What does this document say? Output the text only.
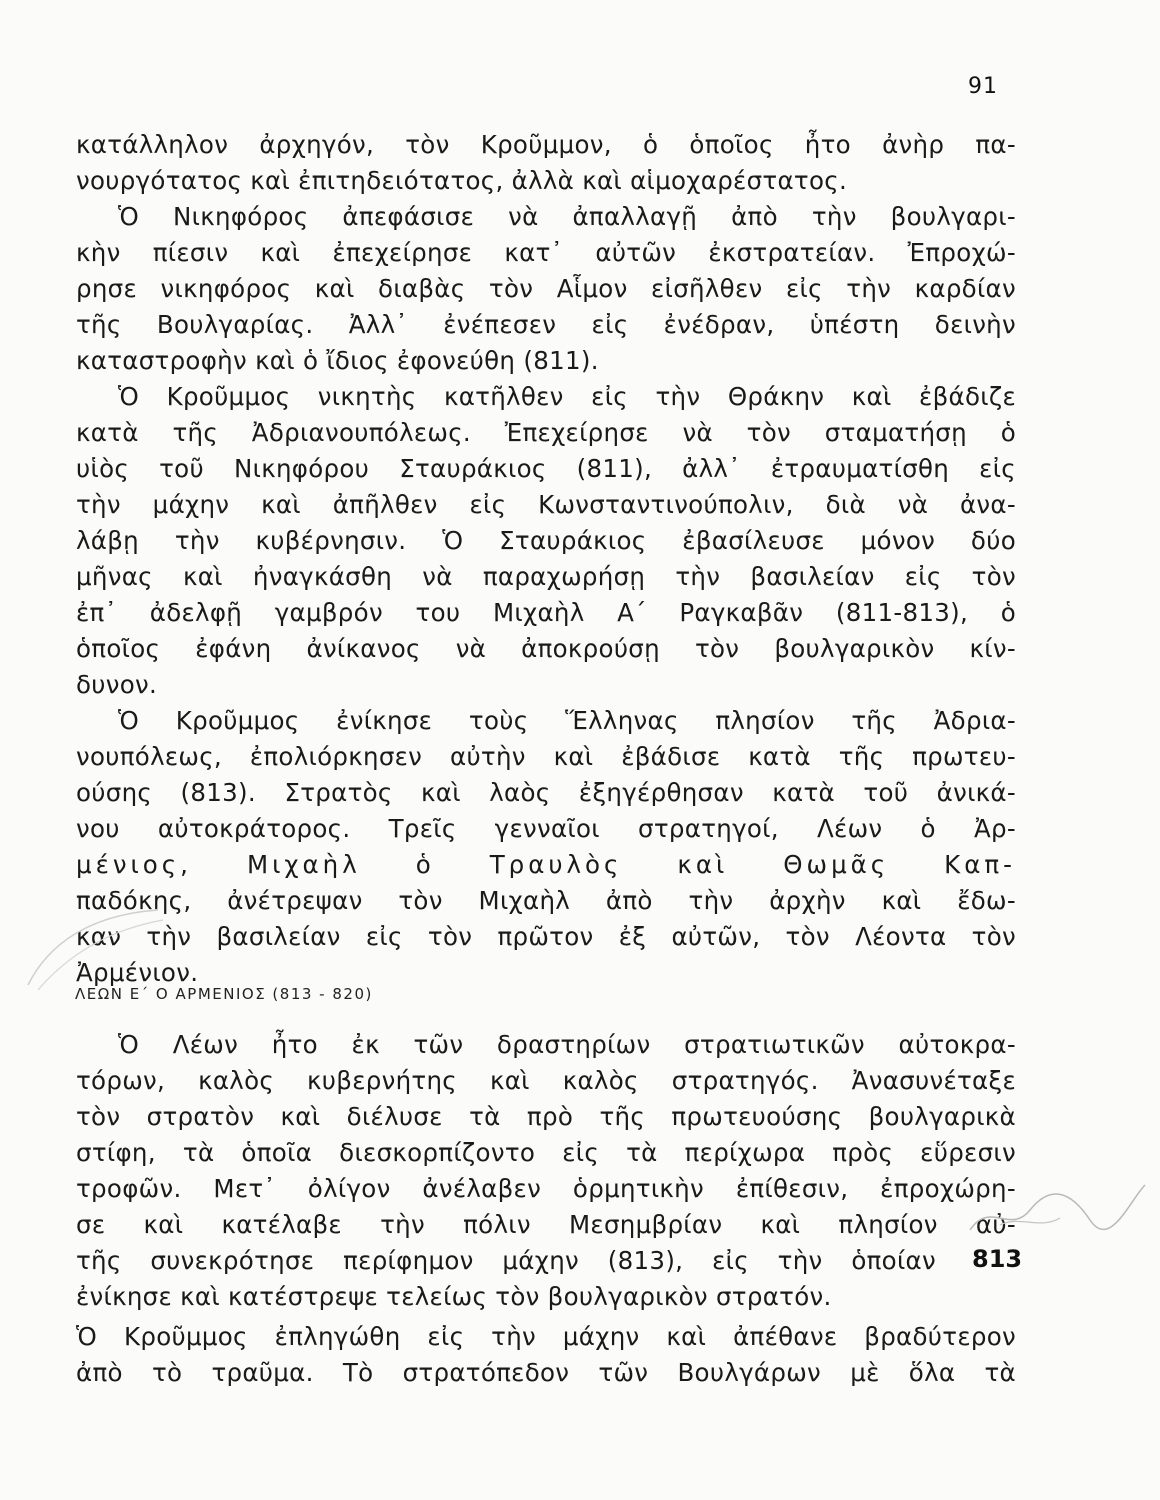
91
κατάλληλον ἀρχηγόν, τὸν Κροῦμμον, ὁ ὁποῖος ἦτο ἀνὴρ πα-
νουργότατος καὶ ἐπιτηδειότατος, ἀλλὰ καὶ αἱμοχαρέστατος.
Ὁ Νικηφόρος ἀπεφάσισε νὰ ἀπαλλαγῇ ἀπὸ τὴν βουλγαρι-
κὴν πίεσιν καὶ ἐπεχείρησε κατ᾽ αὐτῶν ἐκστρατείαν. Ἐπροχώ-
ρησε νικηφόρος καὶ διαβὰς τὸν Αἷμον εἰσῆλθεν εἰς τὴν καρδίαν
τῆς Βουλγαρίας. Ἀλλ᾽ ἐνέπεσεν εἰς ἐνέδραν, ὑπέστη δεινὴν
καταστροφὴν καὶ ὁ ἴδιος ἐφονεύθη (811).
Ὁ Κροῦμμος νικητὴς κατῆλθεν εἰς τὴν Θράκην καὶ ἐβάδιζε
κατὰ τῆς Ἀδριανουπόλεως. Ἐπεχείρησε νὰ τὸν σταματήσῃ ὁ
υἱὸς τοῦ Νικηφόρου Σταυράκιος (811), ἀλλ᾽ ἐτραυματίσθη εἰς
τὴν μάχην καὶ ἀπῆλθεν εἰς Κωνσταντινούπολιν, διὰ νὰ ἀνα-
λάβῃ τὴν κυβέρνησιν. Ὁ Σταυράκιος ἐβασίλευσε μόνον δύο
μῆνας καὶ ἠναγκάσθη νὰ παραχωρήσῃ τὴν βασιλείαν εἰς τὸν
ἐπ᾽ ἀδελφῇ γαμβρόν του Μιχαὴλ Α΄ Ραγκαβᾶν (811-813), ὁ
ὁποῖος ἐφάνη ἀνίκανος νὰ ἀποκρούσῃ τὸν βουλγαρικὸν κίν-
δυνον.
Ὁ Κροῦμμος ἐνίκησε τοὺς Ἕλληνας πλησίον τῆς Ἀδρια-
νουπόλεως, ἐπολιόρκησεν αὐτὴν καὶ ἐβάδισε κατὰ τῆς πρωτευ-
ούσης (813). Στρατὸς καὶ λαὸς ἐξηγέρθησαν κατὰ τοῦ ἀνικά-
νου αὐτοκράτορος. Τρεῖς γενναῖοι στρατηγοί, Λέων ὁ Ἀρ-
μένιος, Μιχαὴλ ὁ Τραυλὸς καὶ Θωμᾶς Καπ-
παδόκης, ἀνέτρεψαν τὸν Μιχαὴλ ἀπὸ τὴν ἀρχὴν καὶ ἔδω-
καν τὴν βασιλείαν εἰς τὸν πρῶτον ἐξ αὐτῶν, τὸν Λέοντα τὸν
Ἀρμένιον.
Ὁ Λέων ἦτο ἐκ τῶν δραστηρίων στρατιωτικῶν αὐτοκρα-
τόρων, καλὸς κυβερνήτης καὶ καλὸς στρατηγός. Ἀνασυνέταξε
τὸν στρατὸν καὶ διέλυσε τὰ πρὸ τῆς πρωτευούσης βουλγαρικὰ
στίφη, τὰ ὁποῖα διεσκορπίζοντο εἰς τὰ περίχωρα πρὸς εὕρεσιν
τροφῶν. Μετ᾽ ὀλίγον ἀνέλαβεν ὁρμητικὴν ἐπίθεσιν, ἐπροχώρη-
σε καὶ κατέλαβε τὴν πόλιν Μεσημβρίαν καὶ πλησίον αὐ-
τῆς συνεκρότησε περίφημον μάχην (813), εἰς τὴν ὁποίαν
ἐνίκησε καὶ κατέστρεψε τελείως τὸν βουλγαρικὸν στρατόν.
Ὁ Κροῦμμος ἐπληγώθη εἰς τὴν μάχην καὶ ἀπέθανε βραδύτερον
ἀπὸ τὸ τραῦμα. Τὸ στρατόπεδον τῶν Βουλγάρων μὲ ὅλα τὰ
ΛΕΩΝ Ε΄ Ο ΑΡΜΕΝΙΟΣ (813 - 820)
813
